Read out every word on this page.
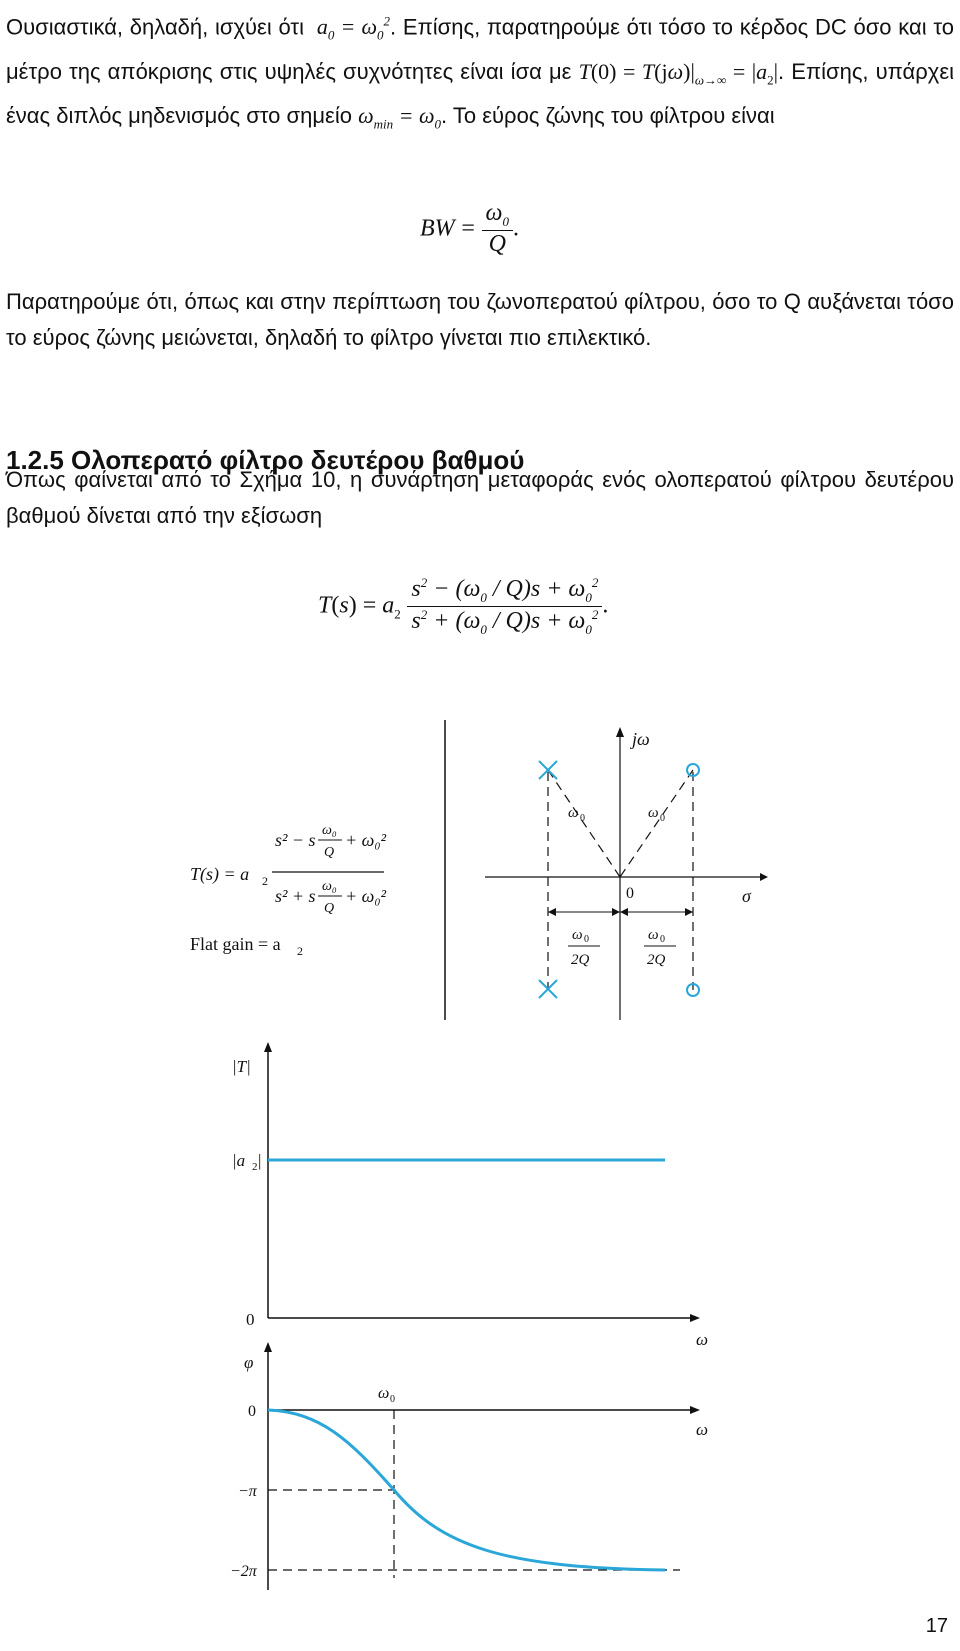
Ουσιαστικά, δηλαδή, ισχύει ότι  $a_0 = \omega_0^2$. Επίσης, παρατηρούμε ότι τόσο το κέρδος DC όσο και το μέτρο της απόκρισης στις υψηλές συχνότητες είναι ίσα με $T(0) = T(j\omega)|_{\omega\to\infty} = |a_2|$. Επίσης, υπάρχει ένας διπλός μηδενισμός στο σημείο $\omega_{min} = \omega_0$. Το εύρος ζώνης του φίλτρου είναι
BW = $\frac{\omega_0}{Q}$ .
Παρατηρούμε ότι, όπως και στην περίπτωση του ζωνοπερατού φίλτρου, όσο το Q αυξάνεται τόσο το εύρος ζώνης μειώνεται, δηλαδή το φίλτρο γίνεται πιο επιλεκτικό.
1.2.5 Ολοπερατό φίλτρο δευτέρου βαθμού
Όπως φαίνεται από το Σχήμα 10, η συνάρτηση μεταφοράς ενός ολοπερατού φίλτρου δευτέρου βαθμού δίνεται από την εξίσωση
$T(s) = a_2 \frac{s^2 - (\omega_0 / Q)s + \omega_0^2}{s^2 + (\omega_0 / Q)s + \omega_0^2}$ .
T(s) = a 2
s² − s ω₀
Q
+ ω₀²
s² + s ω₀
Q
+ ω₀²
Flat gain = a 2
jω
σ
0
ω 0	ω 0
ω 0
2Q
ω 0
2Q
|T|
|a 2 |
0
ω
φ
0
−π
−2π
ω
ω 0
17
